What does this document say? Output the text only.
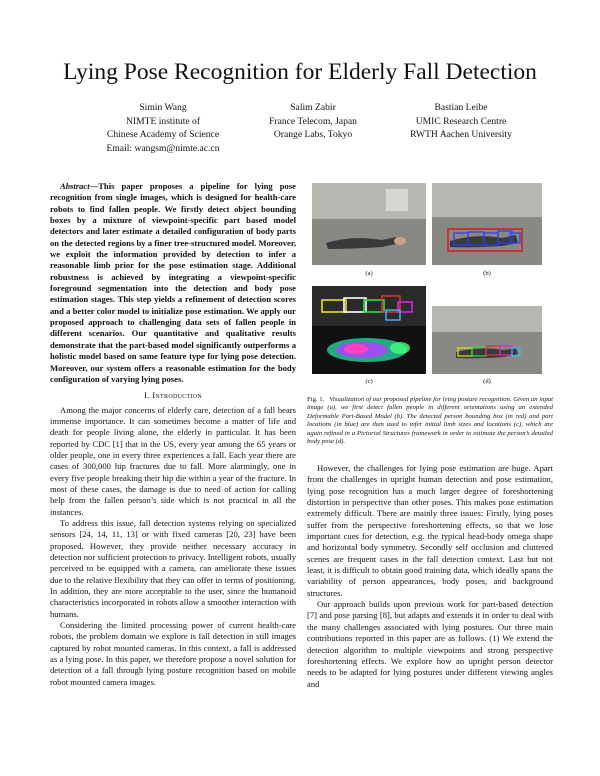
Lying Pose Recognition for Elderly Fall Detection
Simin Wang
NIMTE institute of
Chinese Academy of Science
Email: wangsm@nimte.ac.cn
Salim Zabir
France Telecom, Japan
Orange Labs, Tokyo
Bastian Leibe
UMIC Research Centre
RWTH Aachen University

Abstract—This paper proposes a pipeline for lying pose recognition from single images, which is designed for health-care robots to find fallen people. We firstly detect object bounding boxes by a mixture of viewpoint-specific part based model detectors and later estimate a detailed configuration of body parts on the detected regions by a finer tree-structured model. Moreover, we exploit the information provided by detection to infer a reasonable limb prior for the pose estimation stage. Additional robustness is achieved by integrating a viewpoint-specific foreground segmentation into the detection and body pose estimation stages. This step yields a refinement of detection scores and a better color model to initialize pose estimation. We apply our proposed approach to challenging data sets of fallen people in different scenarios. Our quantitative and qualitative results demonstrate that the part-based model significantly outperforms a holistic model based on same feature type for lying pose detection. Moreover, our system offers a reasonable estimation for the body configuration of varying lying poses.

I. Introduction

Among the major concerns of elderly care, detection of a fall bears immense importance. It can sometimes become a matter of life and death for people living alone, the elderly in particular. It has been reported by CDC [1] that in the US, every year among the 65 years or older people, one in every three experiences a fall. Each year there are cases of 300,000 hip fractures due to fall. More alarmingly, one in every five people breaking their hip die within a year of the fracture. In most of these cases, the damage is due to need of action for calling help from the fallen person’s side which is not practical in all the instances.

To address this issue, fall detection systems relying on specialized sensors [24, 14, 11, 13] or with fixed cameras [20, 23] have been proposed. However, they provide neither necessary accuracy in detection nor sufficient protection to privacy. Intelligent robots, usually perceived to be equipped with a camera, can ameliorate these issues due to the relative flexibility that they can offer in terms of positioning. In addition, they are more acceptable to the user, since the humanoid characteristics incorporated in robots allow a smoother interaction with humans.

Considering the limited processing power of current health-care robots, the problem domain we explore is fall detection in still images captured by robot mounted cameras. In this context, a fall is addressed as a lying pose. In this paper, we therefore propose a novel solution for detection of a fall through lying posture recognition based on mobile robot mounted camera images.

(a)	(b)
(c)	(d)
Fig. 1. Visualization of our proposed pipeline for lying posture recognition. Given an input image (a), we first detect fallen people in different orientations using an extended Deformable Part-Based Model (b). The detected person bounding box (in red) and part locations (in blue) are then used to infer initial limb sizes and locations (c), which are again refined in a Pictorial Structures framework in order to estimate the person’s detailed body pose (d).

However, the challenges for lying pose estimation are huge. Apart from the challenges in upright human detection and pose estimation, lying pose recognition has a much larger degree of foreshortening distortion in perspective than other poses. This makes pose estimation extremely difficult. There are mainly three issues: Firstly, lying poses suffer from the perspective foreshortening effects, so that we lose important cues for detection, e.g. the typical head-body omega shape and horizontal body symmetry. Secondly self occlusion and cluttered scenes are frequent cases in the fall detection context. Last but not least, it is difficult to obtain good training data, which ideally spans the variability of person appearances, body poses, and background structures.

Our approach builds upon previous work for part-based detection [7] and pose parsing [8], but adapts and extends it in order to deal with the many challenges associated with lying postures. Our three main contributions reported in this paper are as follows. (1) We extend the detection algorithm to multiple viewpoints and strong perspective foreshortening effects. We explore how an upright person detector needs to be adapted for lying postures under different viewing angles and
